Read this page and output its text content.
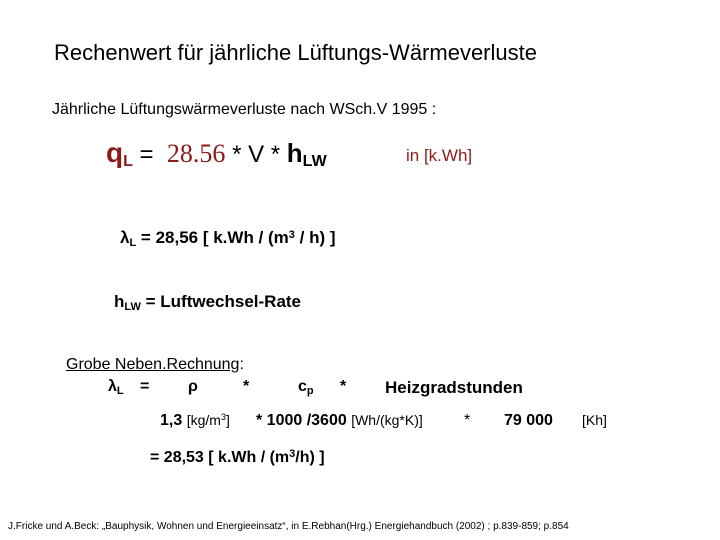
Rechenwert für jährliche Lüftungs-Wärmeverluste
Jährliche Lüftungswärmeverluste nach WSch.V 1995 :
$q_L = 28.56 * V * h_{LW}$	in [k.Wh]
$\lambda_L = 28,56$ [ $k.Wh / (m^3 / h)$ ]
$h_{LW}$ = Luftwechsel-Rate
Grobe Neben.Rechnung:
$\lambda_L = \rho$	*	$c_p$ * Heizgradstunden
1,3 $[kg/m^3] * 1000$ /3600 [Wh/(kg*K)]	* 79 000 [Kh]
= 28,53 [ $k.Wh / (m^3/h)$ ]
J.Fricke und A.Beck: „Bauphysik, Wohnen und Energieeinsatz“, in E.Rebhan(Hrg.) Energiehandbuch (2002) ; p.839-859; p.854
